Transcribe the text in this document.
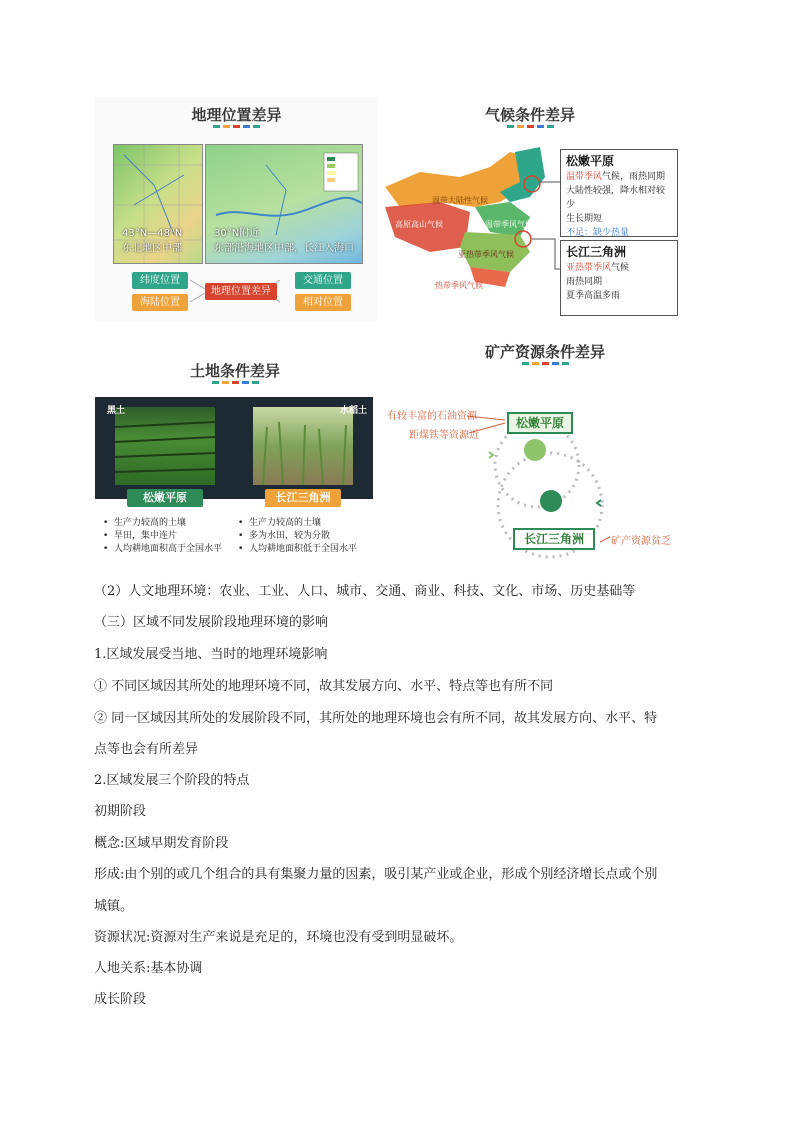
地理位置差异
43°N—48°N
东北地区中部
30°N附近
东部沿海地区中部，长江入海口
纬度位置
海陆位置
地理位置差异
交通位置
相对位置
气候条件差异
温带大陆性气候
高原高山气候	温带季风气候
亚热带季风气候
热带季风气候
松嫩平原
温带季风气候，雨热同期
大陆性较强，降水相对较少
生长期短
不足：缺少热量
长江三角洲
亚热带季风气候
雨热同期
夏季高温多雨
土地条件差异
黑土	水稻土
松嫩平原	长江三角洲
•  生产力较高的土壤
•  旱田，集中连片
•  人均耕地面积高于全国水平
•  生产力较高的土壤
•  多为水田，较为分散
•  人均耕地面积低于全国水平
矿产资源条件差异
有较丰富的石油资源
距煤铁等资源近
松嫩平原
长江三角洲	矿产资源贫乏
（2）人文地理环境：农业、工业、人口、城市、交通、商业、科技、文化、市场、历史基础等
（三）区域不同发展阶段地理环境的影响
1.区域发展受当地、当时的地理环境影响
① 不同区域因其所处的地理环境不同，故其发展方向、水平、特点等也有所不同
② 同一区域因其所处的发展阶段不同，其所处的地理环境也会有所不同，故其发展方向、水平、特
点等也会有所差异
2.区域发展三个阶段的特点
初期阶段
概念:区域早期发育阶段
形成:由个别的或几个组合的具有集聚力量的因素，吸引某产业或企业，形成个别经济增长点或个别
城镇。
资源状况:资源对生产来说是充足的，环境也没有受到明显破坏。
人地关系:基本协调
成长阶段
